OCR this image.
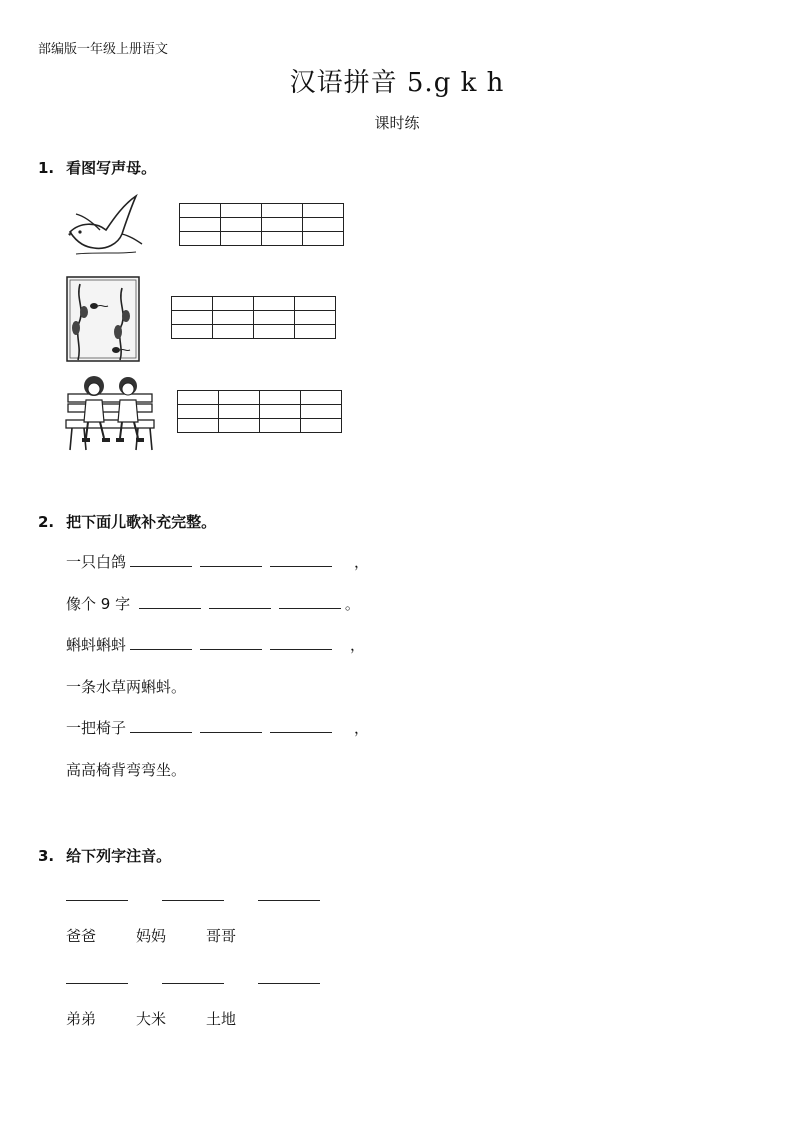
部编版一年级上册语文
汉语拼音 5.g k h
课时练
1. 看图写声母。

2. 把下面儿歌补充完整。
一只白鸽	，
像个 9 字	。
蝌蚪蝌蚪	，
一条水草两蝌蚪。
一把椅子	，
高高椅背弯弯坐。
3. 给下列字注音。
爸爸	妈妈	哥哥
弟弟	大米	土地
